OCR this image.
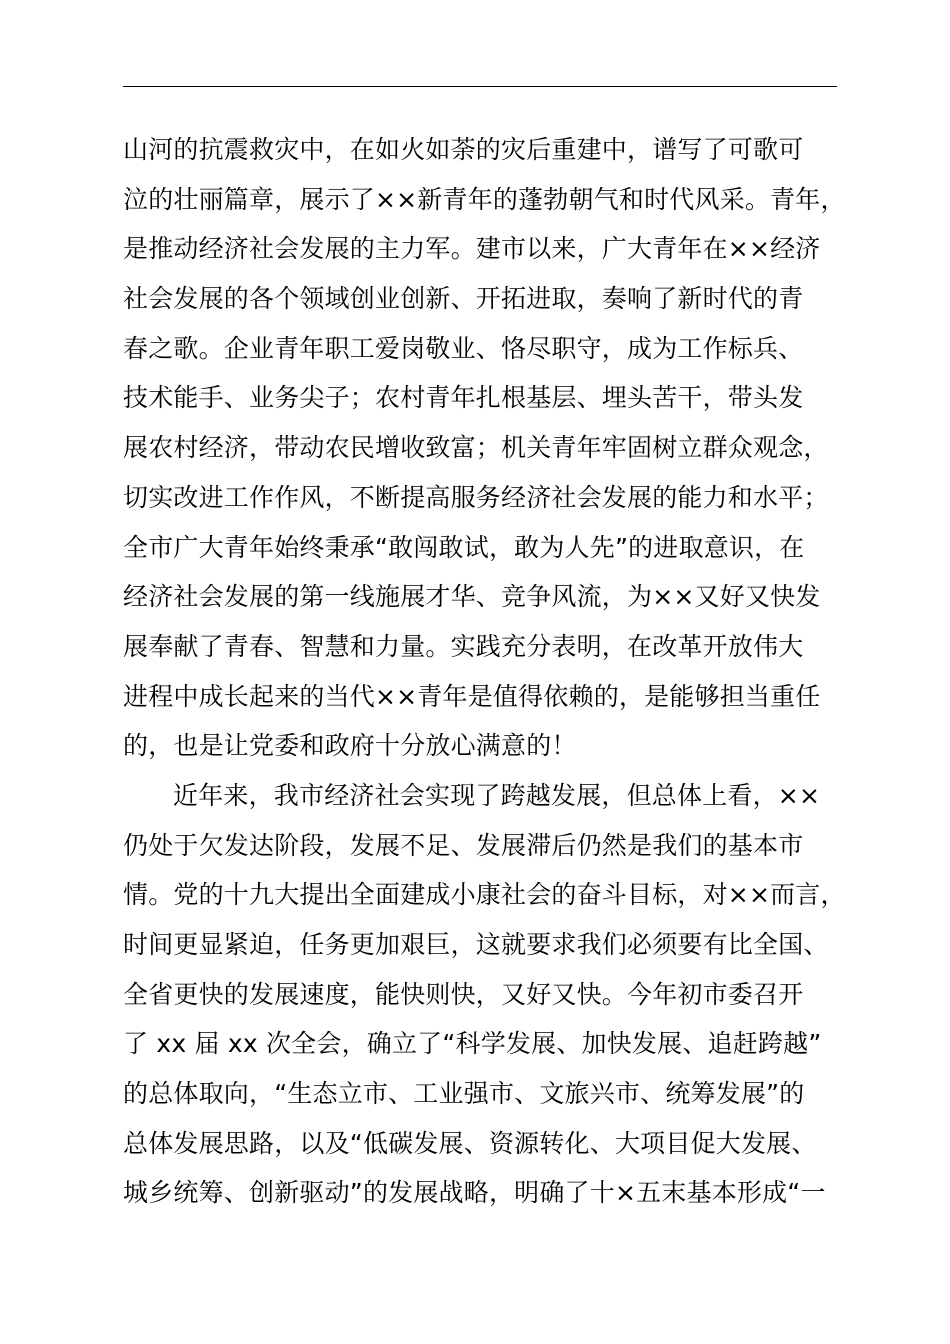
山河的抗震救灾中，在如火如荼的灾后重建中，谱写了可歌可
泣的壮丽篇章，展示了××新青年的蓬勃朝气和时代风采。青年，
是推动经济社会发展的主力军。建市以来，广大青年在××经济
社会发展的各个领域创业创新、开拓进取，奏响了新时代的青
春之歌。企业青年职工爱岗敬业、恪尽职守，成为工作标兵、
技术能手、业务尖子；农村青年扎根基层、埋头苦干，带头发
展农村经济，带动农民增收致富；机关青年牢固树立群众观念，
切实改进工作作风，不断提高服务经济社会发展的能力和水平；
全市广大青年始终秉承“敢闯敢试，敢为人先”的进取意识，在
经济社会发展的第一线施展才华、竞争风流，为××又好又快发
展奉献了青春、智慧和力量。实践充分表明，在改革开放伟大
进程中成长起来的当代××青年是值得依赖的，是能够担当重任
的，也是让党委和政府十分放心满意的！
近年来，我市经济社会实现了跨越发展，但总体上看，××
仍处于欠发达阶段，发展不足、发展滞后仍然是我们的基本市
情。党的十九大提出全面建成小康社会的奋斗目标，对××而言，
时间更显紧迫，任务更加艰巨，这就要求我们必须要有比全国、
全省更快的发展速度，能快则快，又好又快。今年初市委召开
了 xx 届 xx 次全会，确立了“科学发展、加快发展、追赶跨越”
的总体取向，“生态立市、工业强市、文旅兴市、统筹发展”的
总体发展思路，以及“低碳发展、资源转化、大项目促大发展、
城乡统筹、创新驱动”的发展战略，明确了十×五末基本形成“一
